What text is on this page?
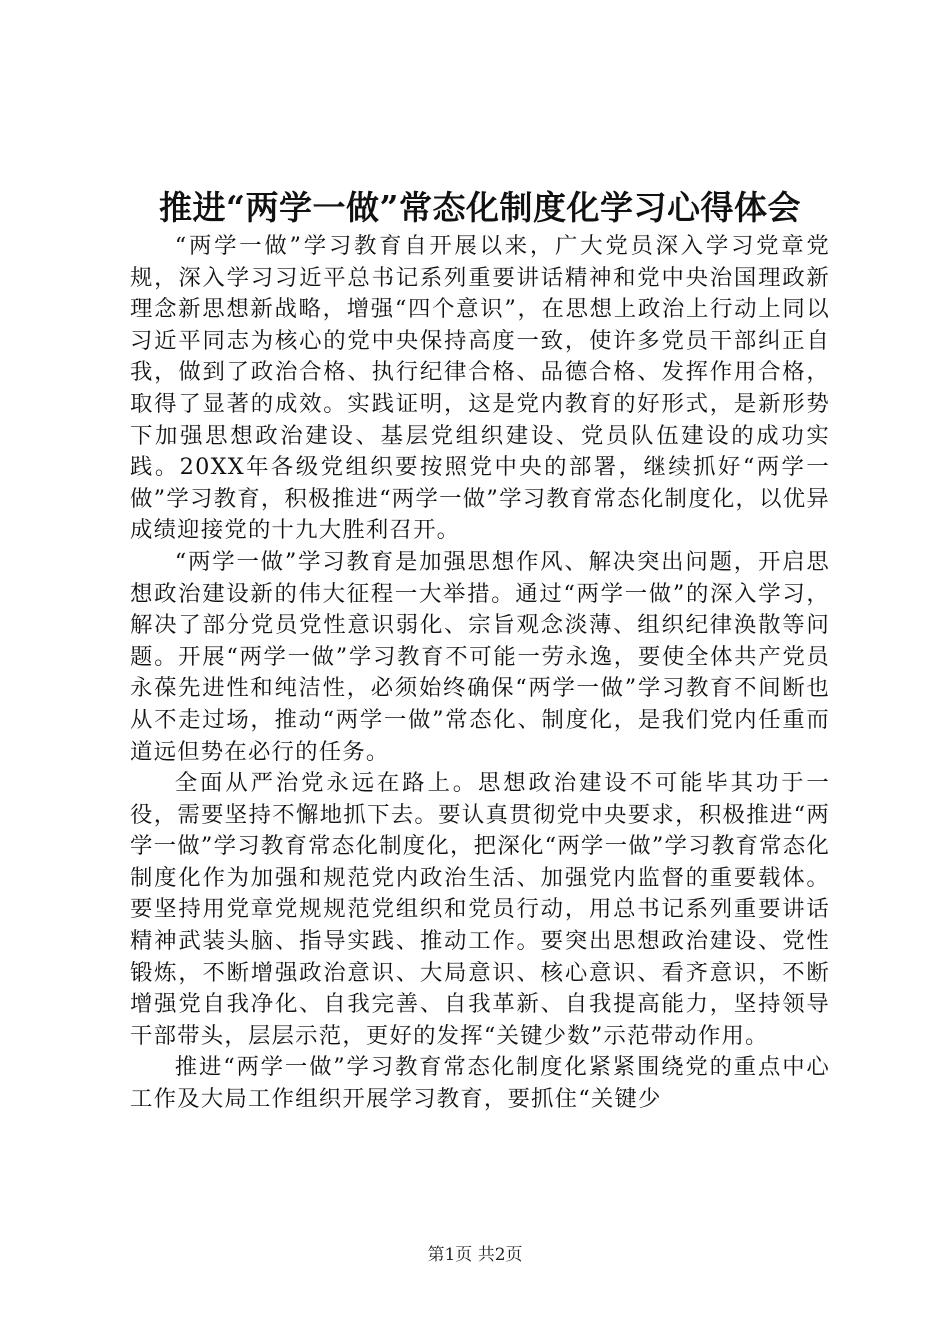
推进“两学一做”常态化制度化学习心得体会

“两学一做”学习教育自开展以来，广大党员深入学习党章党规，深入学习习近平总书记系列重要讲话精神和党中央治国理政新理念新思想新战略，增强“四个意识”，在思想上政治上行动上同以习近平同志为核心的党中央保持高度一致，使许多党员干部纠正自我，做到了政治合格、执行纪律合格、品德合格、发挥作用合格，取得了显著的成效。实践证明，这是党内教育的好形式，是新形势下加强思想政治建设、基层党组织建设、党员队伍建设的成功实践。20XX年各级党组织要按照党中央的部署，继续抓好“两学一做”学习教育，积极推进“两学一做”学习教育常态化制度化，以优异成绩迎接党的十九大胜利召开。

“两学一做”学习教育是加强思想作风、解决突出问题，开启思想政治建设新的伟大征程一大举措。通过“两学一做”的深入学习，解决了部分党员党性意识弱化、宗旨观念淡薄、组织纪律涣散等问题。开展“两学一做”学习教育不可能一劳永逸，要使全体共产党员永葆先进性和纯洁性，必须始终确保“两学一做”学习教育不间断也从不走过场，推动“两学一做”常态化、制度化，是我们党内任重而道远但势在必行的任务。

全面从严治党永远在路上。思想政治建设不可能毕其功于一役，需要坚持不懈地抓下去。要认真贯彻党中央要求，积极推进“两学一做”学习教育常态化制度化，把深化“两学一做”学习教育常态化制度化作为加强和规范党内政治生活、加强党内监督的重要载体。要坚持用党章党规规范党组织和党员行动，用总书记系列重要讲话精神武装头脑、指导实践、推动工作。要突出思想政治建设、党性锻炼，不断增强政治意识、大局意识、核心意识、看齐意识，不断增强党自我净化、自我完善、自我革新、自我提高能力，坚持领导干部带头，层层示范，更好的发挥“关键少数”示范带动作用。

推进“两学一做”学习教育常态化制度化紧紧围绕党的重点中心工作及大局工作组织开展学习教育，要抓住“关键少

第1页 共2页
